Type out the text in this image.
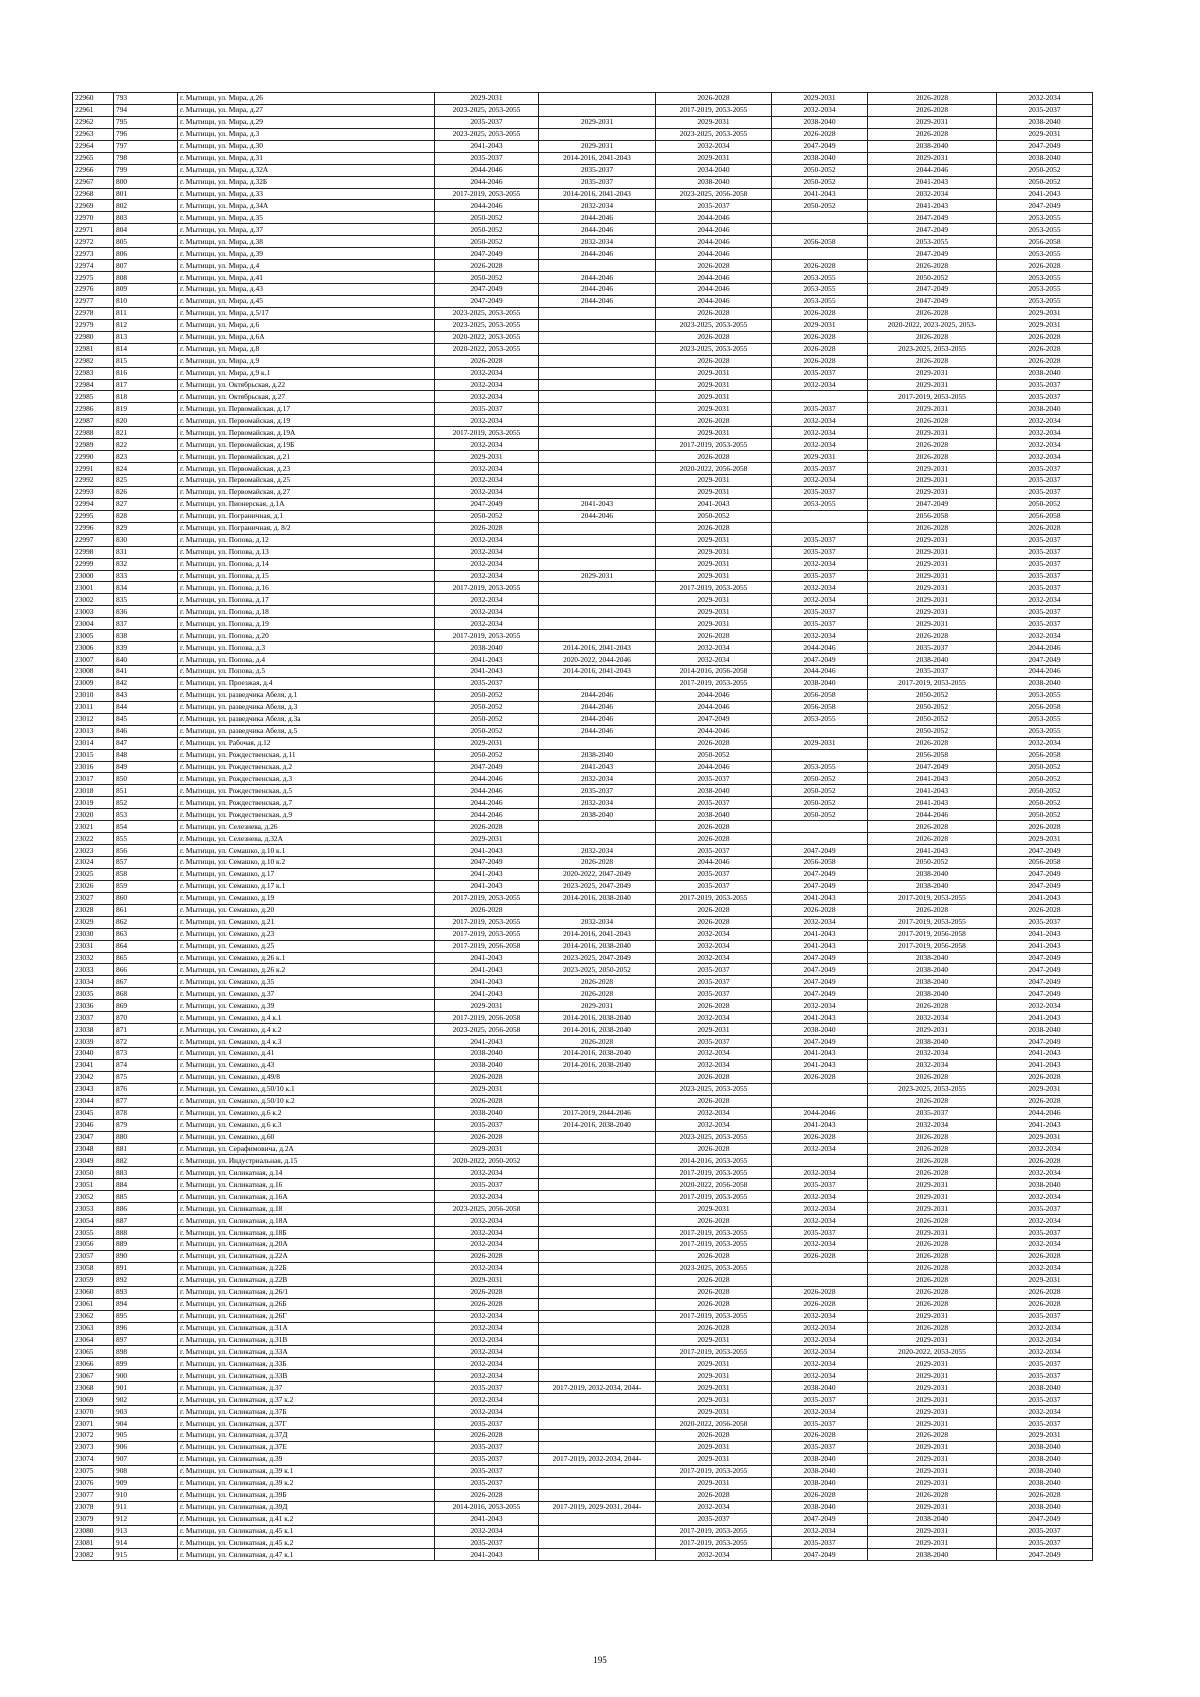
22960	793	г. Мытищи, ул. Мира, д.26	2029-2031		2026-2028	2029-2031	2026-2028	2032-2034
22961	794	г. Мытищи, ул. Мира, д.27	2023-2025, 2053-2055		2017-2019, 2053-2055	2032-2034	2026-2028	2035-2037
22962	795	г. Мытищи, ул. Мира, д.29	2035-2037	2029-2031	2029-2031	2038-2040	2029-2031	2038-2040
22963	796	г. Мытищи, ул. Мира, д.3	2023-2025, 2053-2055		2023-2025, 2053-2055	2026-2028	2026-2028	2029-2031
22964	797	г. Мытищи, ул. Мира, д.30	2041-2043	2029-2031	2032-2034	2047-2049	2038-2040	2047-2049
22965	798	г. Мытищи, ул. Мира, д.31	2035-2037	2014-2016, 2041-2043	2029-2031	2038-2040	2029-2031	2038-2040
22966	799	г. Мытищи, ул. Мира, д.32А	2044-2046	2035-2037	2034-2040	2050-2052	2044-2046	2050-2052
22967	800	г. Мытищи, ул. Мира, д.32Б	2044-2046	2035-2037	2038-2040	2050-2052	2041-2043	2050-2052
22968	801	г. Мытищи, ул. Мира, д.33	2017-2019, 2053-2055	2014-2016, 2041-2043	2023-2025, 2056-2058	2041-2043	2032-2034	2041-2043
22969	802	г. Мытищи, ул. Мира, д.34А	2044-2046	2032-2034	2035-2037	2050-2052	2041-2043	2047-2049
22970	803	г. Мытищи, ул. Мира, д.35	2050-2052	2044-2046	2044-2046		2047-2049	2053-2055
22971	804	г. Мытищи, ул. Мира, д.37	2050-2052	2044-2046	2044-2046		2047-2049	2053-2055
22972	805	г. Мытищи, ул. Мира, д.38	2050-2052	2032-2034	2044-2046	2056-2058	2053-2055	2056-2058
22973	806	г. Мытищи, ул. Мира, д.39	2047-2049	2044-2046	2044-2046		2047-2049	2053-2055
22974	807	г. Мытищи, ул. Мира, д.4	2026-2028		2026-2028	2026-2028	2026-2028	2026-2028
22975	808	г. Мытищи, ул. Мира, д.41	2050-2052	2044-2046	2044-2046	2053-2055	2050-2052	2053-2055
22976	809	г. Мытищи, ул. Мира, д.43	2047-2049	2044-2046	2044-2046	2053-2055	2047-2049	2053-2055
22977	810	г. Мытищи, ул. Мира, д.45	2047-2049	2044-2046	2044-2046	2053-2055	2047-2049	2053-2055
22978	811	г. Мытищи, ул. Мира, д.5/17	2023-2025, 2053-2055		2026-2028	2026-2028	2026-2028	2029-2031
22979	812	г. Мытищи, ул. Мира, д.6	2023-2025, 2053-2055		2023-2025, 2053-2055	2029-2031	2020-2022, 2023-2025, 2053-	2029-2031
22980	813	г. Мытищи, ул. Мира, д.6А	2020-2022, 2053-2055		2026-2028	2026-2028	2026-2028	2026-2028
22981	814	г. Мытищи, ул. Мира, д.8	2020-2022, 2053-2055		2023-2025, 2053-2055	2026-2028	2023-2025, 2053-2055	2026-2028
22982	815	г. Мытищи, ул. Мира, д.9	2026-2028		2026-2028	2026-2028	2026-2028	2026-2028
22983	816	г. Мытищи, ул. Мира, д.9 к.1	2032-2034		2029-2031	2035-2037	2029-2031	2038-2040
22984	817	г. Мытищи, ул. Октябрьская, д.22	2032-2034		2029-2031	2032-2034	2029-2031	2035-2037
22985	818	г. Мытищи, ул. Октябрьская, д.27	2032-2034		2029-2031		2017-2019, 2053-2055	2035-2037
22986	819	г. Мытищи, ул. Первомайская, д.17	2035-2037		2029-2031	2035-2037	2029-2031	2038-2040
22987	820	г. Мытищи, ул. Первомайская, д.19	2032-2034		2026-2028	2032-2034	2026-2028	2032-2034
22988	821	г. Мытищи, ул. Первомайская, д.19А	2017-2019, 2053-2055		2029-2031	2032-2034	2029-2031	2032-2034
22989	822	г. Мытищи, ул. Первомайская, д.19Б	2032-2034		2017-2019, 2053-2055	2032-2034	2026-2028	2032-2034
22990	823	г. Мытищи, ул. Первомайская, д.21	2029-2031		2026-2028	2029-2031	2026-2028	2032-2034
22991	824	г. Мытищи, ул. Первомайская, д.23	2032-2034		2020-2022, 2056-2058	2035-2037	2029-2031	2035-2037
22992	825	г. Мытищи, ул. Первомайская, д.25	2032-2034		2029-2031	2032-2034	2029-2031	2035-2037
22993	826	г. Мытищи, ул. Первомайская, д.27	2032-2034		2029-2031	2035-2037	2029-2031	2035-2037
22994	827	г. Мытищи, ул. Пионерская, д.1А	2047-2049	2041-2043	2041-2043	2053-2055	2047-2049	2050-2052
22995	828	г. Мытищи, ул. Пограничная, д.1	2050-2052	2044-2046	2050-2052		2056-2058	2056-2058
22996	829	г. Мытищи, ул. Пограничная, д. 8/2	2026-2028		2026-2028		2026-2028	2026-2028
22997	830	г. Мытищи, ул. Попова, д.12	2032-2034		2029-2031	2035-2037	2029-2031	2035-2037
22998	831	г. Мытищи, ул. Попова, д.13	2032-2034		2029-2031	2035-2037	2029-2031	2035-2037
22999	832	г. Мытищи, ул. Попова, д.14	2032-2034		2029-2031	2032-2034	2029-2031	2035-2037
23000	833	г. Мытищи, ул. Попова, д.15	2032-2034	2029-2031	2029-2031	2035-2037	2029-2031	2035-2037
23001	834	г. Мытищи, ул. Попова, д.16	2017-2019, 2053-2055		2017-2019, 2053-2055	2032-2034	2029-2031	2035-2037
23002	835	г. Мытищи, ул. Попова, д.17	2032-2034		2029-2031	2032-2034	2029-2031	2032-2034
23003	836	г. Мытищи, ул. Попова, д.18	2032-2034		2029-2031	2035-2037	2029-2031	2035-2037
23004	837	г. Мытищи, ул. Попова, д.19	2032-2034		2029-2031	2035-2037	2029-2031	2035-2037
23005	838	г. Мытищи, ул. Попова, д.20	2017-2019, 2053-2055		2026-2028	2032-2034	2026-2028	2032-2034
23006	839	г. Мытищи, ул. Попова, д.3	2038-2040	2014-2016, 2041-2043	2032-2034	2044-2046	2035-2037	2044-2046
23007	840	г. Мытищи, ул. Попова, д.4	2041-2043	2020-2022, 2044-2046	2032-2034	2047-2049	2038-2040	2047-2049
23008	841	г. Мытищи, ул. Попова, д.5	2041-2043	2014-2016, 2041-2043	2014-2016, 2056-2058	2044-2046	2035-2037	2044-2046
23009	842	г. Мытищи, ул. Проезжая, д.4	2035-2037		2017-2019, 2053-2055	2038-2040	2017-2019, 2053-2055	2038-2040
23010	843	г. Мытищи, ул. разведчика Абеля, д.1	2050-2052	2044-2046	2044-2046	2056-2058	2050-2052	2053-2055
23011	844	г. Мытищи, ул. разведчика Абеля, д.3	2050-2052	2044-2046	2044-2046	2056-2058	2050-2052	2056-2058
23012	845	г. Мытищи, ул. разведчика Абеля, д.3а	2050-2052	2044-2046	2047-2049	2053-2055	2050-2052	2053-2055
23013	846	г. Мытищи, ул. разведчика Абеля, д.5	2050-2052	2044-2046	2044-2046		2050-2052	2053-2055
23014	847	г. Мытищи, ул. Рабочая, д.12	2029-2031		2026-2028	2029-2031	2026-2028	2032-2034
23015	848	г. Мытищи, ул. Рождественская, д.11	2050-2052	2038-2040	2050-2052		2056-2058	2056-2058
23016	849	г. Мытищи, ул. Рождественская, д.2	2047-2049	2041-2043	2044-2046	2053-2055	2047-2049	2050-2052
23017	850	г. Мытищи, ул. Рождественская, д.3	2044-2046	2032-2034	2035-2037	2050-2052	2041-2043	2050-2052
23018	851	г. Мытищи, ул. Рождественская, д.5	2044-2046	2035-2037	2038-2040	2050-2052	2041-2043	2050-2052
23019	852	г. Мытищи, ул. Рождественская, д.7	2044-2046	2032-2034	2035-2037	2050-2052	2041-2043	2050-2052
23020	853	г. Мытищи, ул. Рождественская, д.9	2044-2046	2038-2040	2038-2040	2050-2052	2044-2046	2050-2052
23021	854	г. Мытищи, ул. Селезнева, д.26	2026-2028		2026-2028		2026-2028	2026-2028
23022	855	г. Мытищи, ул. Селезнева, д.32А	2029-2031		2026-2028		2026-2028	2029-2031
23023	856	г. Мытищи, ул. Семашко, д.10 к.1	2041-2043	2032-2034	2035-2037	2047-2049	2041-2043	2047-2049
23024	857	г. Мытищи, ул. Семашко, д.10 к.2	2047-2049	2026-2028	2044-2046	2056-2058	2050-2052	2056-2058
23025	858	г. Мытищи, ул. Семашко, д.17	2041-2043	2020-2022, 2047-2049	2035-2037	2047-2049	2038-2040	2047-2049
23026	859	г. Мытищи, ул. Семашко, д.17 к.1	2041-2043	2023-2025, 2047-2049	2035-2037	2047-2049	2038-2040	2047-2049
23027	860	г. Мытищи, ул. Семашко, д.19	2017-2019, 2053-2055	2014-2016, 2038-2040	2017-2019, 2053-2055	2041-2043	2017-2019, 2053-2055	2041-2043
23028	861	г. Мытищи, ул. Семашко, д.20	2026-2028		2026-2028	2026-2028	2026-2028	2026-2028
23029	862	г. Мытищи, ул. Семашко, д.21	2017-2019, 2053-2055	2032-2034	2026-2028	2032-2034	2017-2019, 2053-2055	2035-2037
23030	863	г. Мытищи, ул. Семашко, д.23	2017-2019, 2053-2055	2014-2016, 2041-2043	2032-2034	2041-2043	2017-2019, 2056-2058	2041-2043
23031	864	г. Мытищи, ул. Семашко, д.25	2017-2019, 2056-2058	2014-2016, 2038-2040	2032-2034	2041-2043	2017-2019, 2056-2058	2041-2043
23032	865	г. Мытищи, ул. Семашко, д.26 к.1	2041-2043	2023-2025, 2047-2049	2032-2034	2047-2049	2038-2040	2047-2049
23033	866	г. Мытищи, ул. Семашко, д.26 к.2	2041-2043	2023-2025, 2050-2052	2035-2037	2047-2049	2038-2040	2047-2049
23034	867	г. Мытищи, ул. Семашко, д.35	2041-2043	2026-2028	2035-2037	2047-2049	2038-2040	2047-2049
23035	868	г. Мытищи, ул. Семашко, д.37	2041-2043	2026-2028	2035-2037	2047-2049	2038-2040	2047-2049
23036	869	г. Мытищи, ул. Семашко, д.39	2029-2031	2029-2031	2026-2028	2032-2034	2026-2028	2032-2034
23037	870	г. Мытищи, ул. Семашко, д.4 к.1	2017-2019, 2056-2058	2014-2016, 2038-2040	2032-2034	2041-2043	2032-2034	2041-2043
23038	871	г. Мытищи, ул. Семашко, д.4 к.2	2023-2025, 2056-2058	2014-2016, 2038-2040	2029-2031	2038-2040	2029-2031	2038-2040
23039	872	г. Мытищи, ул. Семашко, д.4 к.3	2041-2043	2026-2028	2035-2037	2047-2049	2038-2040	2047-2049
23040	873	г. Мытищи, ул. Семашко, д.41	2038-2040	2014-2016, 2038-2040	2032-2034	2041-2043	2032-2034	2041-2043
23041	874	г. Мытищи, ул. Семашко, д.43	2038-2040	2014-2016, 2038-2040	2032-2034	2041-2043	2032-2034	2041-2043
23042	875	г. Мытищи, ул. Семашко, д.49/8	2026-2028		2026-2028	2026-2028	2026-2028	2026-2028
23043	876	г. Мытищи, ул. Семашко, д.50/10 к.1	2029-2031		2023-2025, 2053-2055		2023-2025, 2053-2055	2029-2031
23044	877	г. Мытищи, ул. Семашко, д.50/10 к.2	2026-2028		2026-2028		2026-2028	2026-2028
23045	878	г. Мытищи, ул. Семашко, д.6 к.2	2038-2040	2017-2019, 2044-2046	2032-2034	2044-2046	2035-2037	2044-2046
23046	879	г. Мытищи, ул. Семашко, д.6 к.3	2035-2037	2014-2016, 2038-2040	2032-2034	2041-2043	2032-2034	2041-2043
23047	880	г. Мытищи, ул. Семашко, д.60	2026-2028		2023-2025, 2053-2055	2026-2028	2026-2028	2029-2031
23048	881	г. Мытищи, ул. Серафимовича, д.2А	2029-2031		2026-2028	2032-2034	2026-2028	2032-2034
23049	882	г. Мытищи, ул. Индустриальная, д.15	2020-2022, 2050-2052		2014-2016, 2053-2055		2026-2028	2026-2028
23050	883	г. Мытищи, ул. Силикатная, д.14	2032-2034		2017-2019, 2053-2055	2032-2034	2026-2028	2032-2034
23051	884	г. Мытищи, ул. Силикатная, д.16	2035-2037		2020-2022, 2056-2058	2035-2037	2029-2031	2038-2040
23052	885	г. Мытищи, ул. Силикатная, д.16А	2032-2034		2017-2019, 2053-2055	2032-2034	2029-2031	2032-2034
23053	886	г. Мытищи, ул. Силикатная, д.18	2023-2025, 2056-2058		2029-2031	2032-2034	2029-2031	2035-2037
23054	887	г. Мытищи, ул. Силикатная, д.18А	2032-2034		2026-2028	2032-2034	2026-2028	2032-2034
23055	888	г. Мытищи, ул. Силикатная, д.18Б	2032-2034		2017-2019, 2053-2055	2035-2037	2029-2031	2035-2037
23056	889	г. Мытищи, ул. Силикатная, д.20А	2032-2034		2017-2019, 2053-2055	2032-2034	2026-2028	2032-2034
23057	890	г. Мытищи, ул. Силикатная, д.22А	2026-2028		2026-2028	2026-2028	2026-2028	2026-2028
23058	891	г. Мытищи, ул. Силикатная, д.22Б	2032-2034		2023-2025, 2053-2055		2026-2028	2032-2034
23059	892	г. Мытищи, ул. Силикатная, д.22В	2029-2031		2026-2028		2026-2028	2029-2031
23060	893	г. Мытищи, ул. Силикатная, д.26/1	2026-2028		2026-2028	2026-2028	2026-2028	2026-2028
23061	894	г. Мытищи, ул. Силикатная, д.26Б	2026-2028		2026-2028	2026-2028	2026-2028	2026-2028
23062	895	г. Мытищи, ул. Силикатная, д.26Г	2032-2034		2017-2019, 2053-2055	2032-2034	2029-2031	2035-2037
23063	896	г. Мытищи, ул. Силикатная, д.31А	2032-2034		2026-2028	2032-2034	2026-2028	2032-2034
23064	897	г. Мытищи, ул. Силикатная, д.31В	2032-2034		2029-2031	2032-2034	2029-2031	2032-2034
23065	898	г. Мытищи, ул. Силикатная, д.33А	2032-2034		2017-2019, 2053-2055	2032-2034	2020-2022, 2053-2055	2032-2034
23066	899	г. Мытищи, ул. Силикатная, д.33Б	2032-2034		2029-2031	2032-2034	2029-2031	2035-2037
23067	900	г. Мытищи, ул. Силикатная, д.33В	2032-2034		2029-2031	2032-2034	2029-2031	2035-2037
23068	901	г. Мытищи, ул. Силикатная, д.37	2035-2037	2017-2019, 2032-2034, 2044-	2029-2031	2038-2040	2029-2031	2038-2040
23069	902	г. Мытищи, ул. Силикатная, д.37 к.2	2032-2034		2029-2031	2035-2037	2029-2031	2035-2037
23070	903	г. Мытищи, ул. Силикатная, д.37Б	2032-2034		2029-2031	2032-2034	2029-2031	2032-2034
23071	904	г. Мытищи, ул. Силикатная, д.37Г	2035-2037		2020-2022, 2056-2058	2035-2037	2029-2031	2035-2037
23072	905	г. Мытищи, ул. Силикатная, д.37Д	2026-2028		2026-2028	2026-2028	2026-2028	2029-2031
23073	906	г. Мытищи, ул. Силикатная, д.37Е	2035-2037		2029-2031	2035-2037	2029-2031	2038-2040
23074	907	г. Мытищи, ул. Силикатная, д.39	2035-2037	2017-2019, 2032-2034, 2044-	2029-2031	2038-2040	2029-2031	2038-2040
23075	908	г. Мытищи, ул. Силикатная, д.39 к.1	2035-2037		2017-2019, 2053-2055	2038-2040	2029-2031	2038-2040
23076	909	г. Мытищи, ул. Силикатная, д.39 к.2	2035-2037		2029-2031	2038-2040	2029-2031	2038-2040
23077	910	г. Мытищи, ул. Силикатная, д.39Б	2026-2028		2026-2028	2026-2028	2026-2028	2026-2028
23078	911	г. Мытищи, ул. Силикатная, д.39Д	2014-2016, 2053-2055	2017-2019, 2029-2031, 2044-	2032-2034	2038-2040	2029-2031	2038-2040
23079	912	г. Мытищи, ул. Силикатная, д.41 к.2	2041-2043		2035-2037	2047-2049	2038-2040	2047-2049
23080	913	г. Мытищи, ул. Силикатная, д.45 к.1	2032-2034		2017-2019, 2053-2055	2032-2034	2029-2031	2035-2037
23081	914	г. Мытищи, ул. Силикатная, д.45 к.2	2035-2037		2017-2019, 2053-2055	2035-2037	2029-2031	2035-2037
23082	915	г. Мытищи, ул. Силикатная, д.47 к.1	2041-2043		2032-2034	2047-2049	2038-2040	2047-2049
195
